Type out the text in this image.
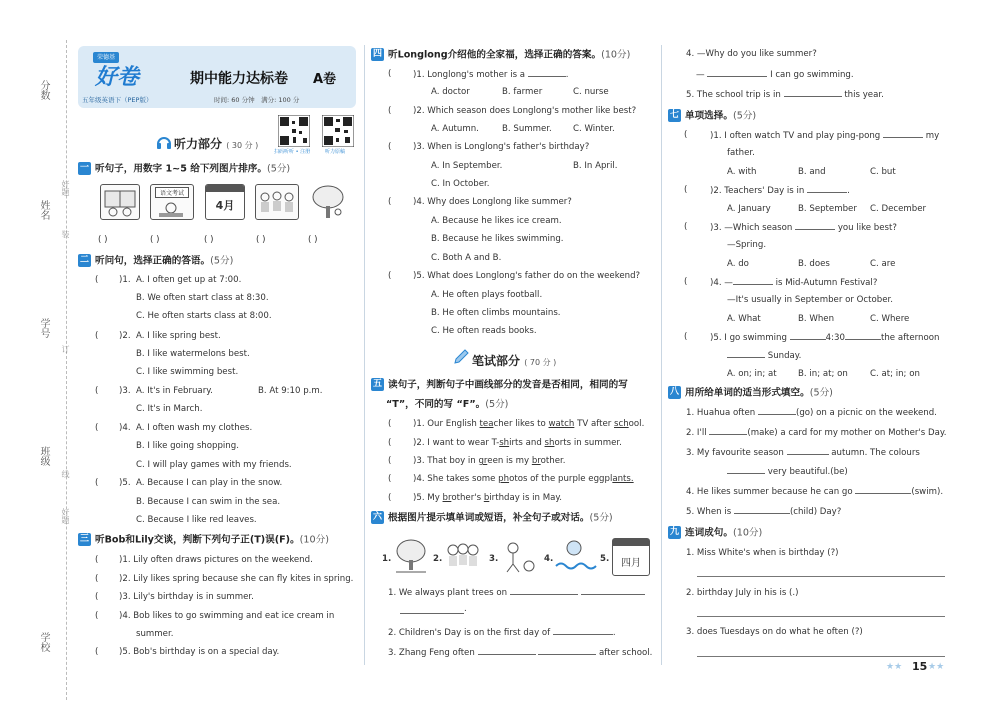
分数
姓名
学号
班级
学校
好题
装
订
线
好题
荣德基
好卷
五年级英语下（PEP版）
期中能力达标卷 A卷
时间: 60 分钟　满分: 100 分
扫码听听 • 注册	听力原稿
听力部分 ( 30 分 )
一 听句子，用数字 1~5 给下列图片排序。(5分)
语文考试
4月
( )	( )	( )	( )	( )
二 听问句，选择正确的答语。(5分)
( )1. A. I often get up at 7:00.
B. We often start class at 8:30.
C. He often starts class at 8:00.
( )2. A. I like spring best.
B. I like watermelons best.
C. I like swimming best.
( )3. A. It's in February.	B. At 9:10 p.m.
C. It's in March.
( )4. A. I often wash my clothes.
B. I like going shopping.
C. I will play games with my friends.
( )5. A. Because I can play in the snow.
B. Because I can swim in the sea.
C. Because I like red leaves.
三 听Bob和Lily交谈，判断下列句子正(T)误(F)。(10分)
( )1. Lily often draws pictures on the weekend.
( )2. Lily likes spring because she can fly kites in spring.
( )3. Lily's birthday is in summer.
( )4. Bob likes to go swimming and eat ice cream in
summer.
( )5. Bob's birthday is on a special day.
四 听Longlong介绍他的全家福，选择正确的答案。(10分)
(	)1. Longlong's mother is a	.
A. doctor	B. farmer	C. nurse
(	)2. Which season does Longlong's mother like best?
A. Autumn.	B. Summer. C. Winter.
(	)3. When is Longlong's father's birthday?
A. In September.	B. In April.
C. In October.
(	)4. Why does Longlong like summer?
A. Because he likes ice cream.
B. Because he likes swimming.
C. Both A and B.
(	)5. What does Longlong's father do on the weekend?
A. He often plays football.
B. He often climbs mountains.
C. He often reads books.
笔试部分 ( 70 分 )
五 读句子，判断句子中画线部分的发音是否相同，相同的写
“T”，不同的写 “F”。(5分)
(	)1. Our English teacher likes to watch TV after school.
(	)2. I want to wear T-shirts and shorts in summer.
(	)3. That boy in green is my brother.
(	)4. She takes some photos of the purple eggplants.
(	)5. My brother's birthday is in May.
六 根据图片提示填单词或短语，补全句子或对话。(5分)
1.	2.	3.	4.	5.	四月
1. We always plant trees on
.
2. Children's Day is on the first day of	.
3. Zhang Feng often	after school.
4. —Why do you like summer?
—	I can go swimming.
5. The school trip is in	this year.
七 单项选择。(5分)
(	)1. I often watch TV and play ping-pong	my
father.
A. with	B. and	C. but
(	)2. Teachers' Day is in	.
A. January	B. September C. December
(	)3. —Which season	you like best?
—Spring.
A. do	B. does	C. are
(	)4. —	is Mid-Autumn Festival?
—It's usually in September or October.
A. What	B. When	C. Where
(	)5. I go swimming	4:30	the afternoon
Sunday.
A. on; in; at B. in; at; on	C. at; in; on
八 用所给单词的适当形式填空。(5分)
1. Huahua often	(go) on a picnic on the weekend.
2. I'll	(make) a card for my mother on Mother's Day.
3. My favourite season	autumn. The colours
very beautiful.(be)
4. He likes summer because he can go	(swim).
5. When is	(child) Day?
九 连词成句。(10分)
1. Miss White's when is birthday (?)
2. birthday July in his is (.)
3. does Tuesdays on do what he often (?)
★★ 15 ★★
